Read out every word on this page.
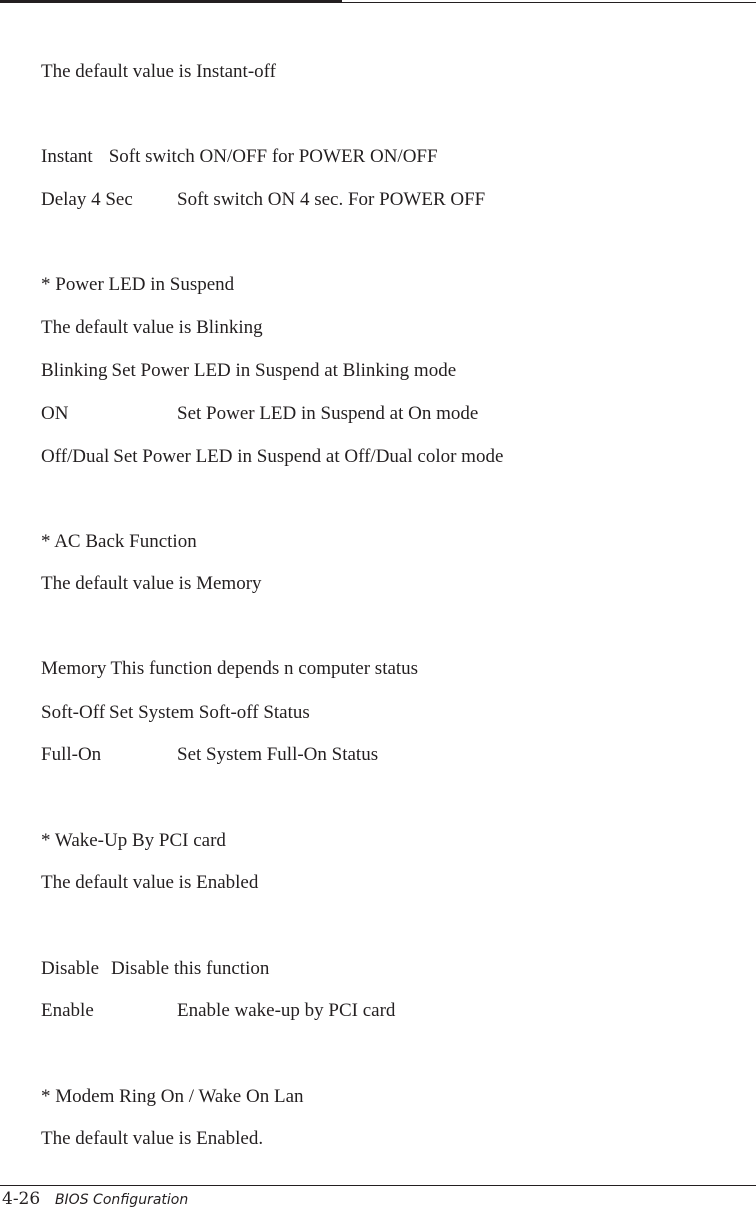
The default value is Instant-off
Instant Soft switch ON/OFF for POWER ON/OFF
Delay 4 Sec Soft switch ON 4 sec. For POWER OFF
* Power LED in Suspend
The default value is Blinking
Blinking Set Power LED in Suspend at Blinking mode
ON	Set Power LED in Suspend at On mode
Off/Dual Set Power LED in Suspend at Off/Dual color mode
* AC Back Function
The default value is Memory
Memory This function depends n computer status
Soft-Off Set System Soft-off Status
Full-On	Set System Full-On Status
* Wake-Up By PCI card
The default value is Enabled
Disable Disable this function
Enable	Enable wake-up by PCI card
* Modem Ring On / Wake On Lan
The default value is Enabled.
4-26 BIOS Configuration
